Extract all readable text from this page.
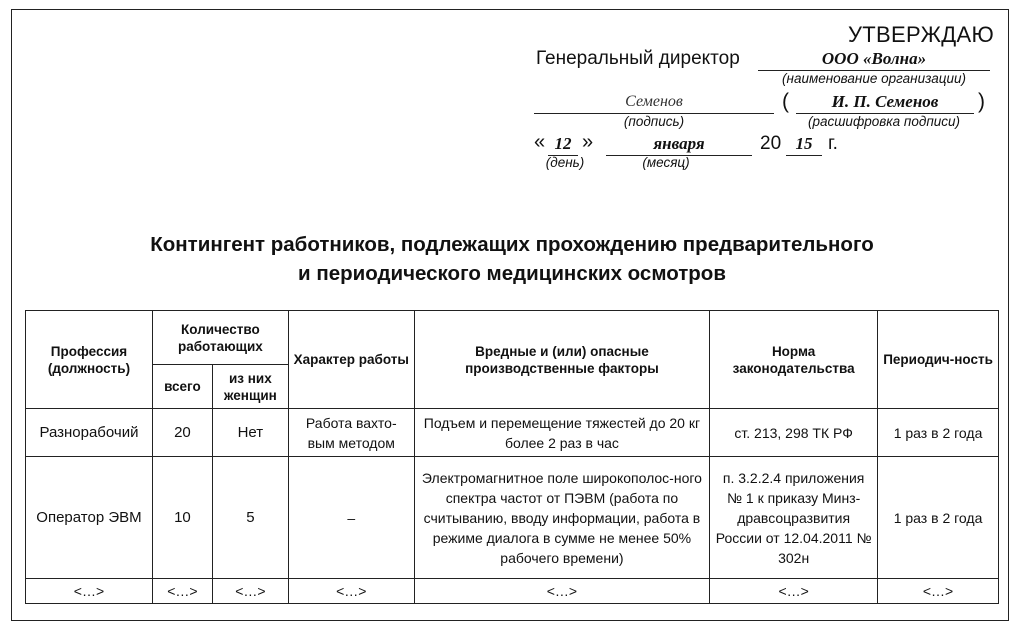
УТВЕРЖДАЮ
Генеральный директор	ООО «Волна»
(наименование организации)
Семенов
(подпись)
(	И. П. Семенов	)
(расшифровка подписи)
« 12 »
(день)
января
(месяц)
20 15 г.
Контингент работников, подлежащих прохождению предварительного
и периодического медицинских осмотров
Профессия (должность)	Количество работающих		Характер работы	Вредные и (или) опасные производственные факторы	Норма законодательства	Периодич-ность
	всего	из них женщин				
Разнорабочий	20	Нет	Работа вахто-вым методом	Подъем и перемещение тяжестей до 20 кг более 2 раз в час	ст. 213, 298 ТК РФ	1 раз в 2 года
Оператор ЭВМ	10	5	–	Электромагнитное поле широкополос-ного спектра частот от ПЭВМ (работа по считыванию, вводу информации, работа в режиме диалога в сумме не менее 50% рабочего времени)	п. 3.2.2.4 приложения № 1 к приказу Минз-дравсоцразвития России от 12.04.2011 № 302н	1 раз в 2 года
<…>	<…>	<…>	<…>	<…>	<…>	<…>
